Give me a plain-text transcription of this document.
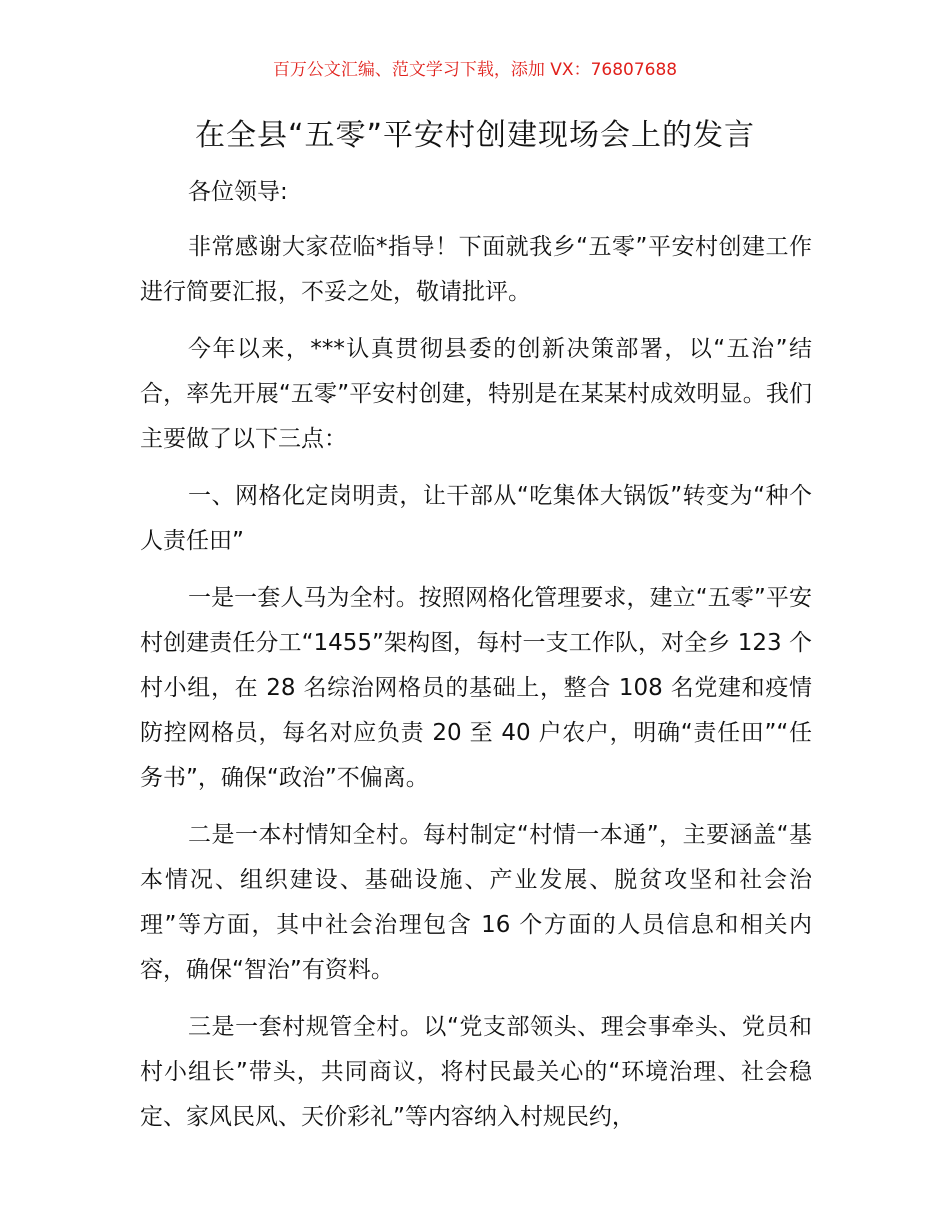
百万公文汇编、范文学习下载，添加 VX：76807688
在全县“五零”平安村创建现场会上的发言

各位领导:

非常感谢大家莅临*指导！下面就我乡“五零”平安村创建工作进行简要汇报，不妥之处，敬请批评。

今年以来，***认真贯彻县委的创新决策部署，以“五治”结合，率先开展“五零”平安村创建，特别是在某某村成效明显。我们主要做了以下三点：

一、网格化定岗明责，让干部从“吃集体大锅饭”转变为“种个人责任田”

一是一套人马为全村。按照网格化管理要求，建立“五零”平安村创建责任分工“1455”架构图，每村一支工作队，对全乡 123 个村小组，在 28 名综治网格员的基础上，整合 108 名党建和疫情防控网格员，每名对应负责 20 至 40 户农户，明确“责任田”“任务书”，确保“政治”不偏离。

二是一本村情知全村。每村制定“村情一本通”，主要涵盖“基本情况、组织建设、基础设施、产业发展、脱贫攻坚和社会治理”等方面，其中社会治理包含 16 个方面的人员信息和相关内容，确保“智治”有资料。

三是一套村规管全村。以“党支部领头、理会事牵头、党员和村小组长”带头，共同商议，将村民最关心的“环境治理、社会稳定、家风民风、天价彩礼”等内容纳入村规民约，
